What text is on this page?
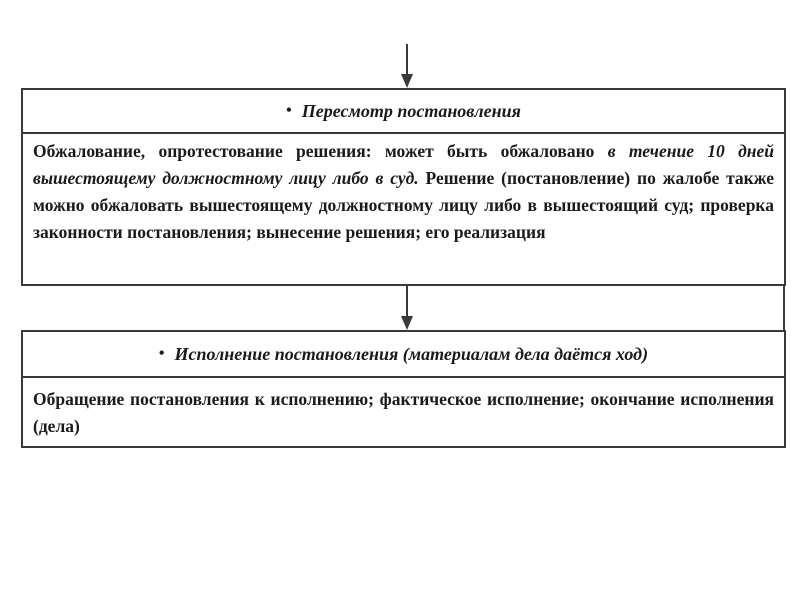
• Пересмотр постановления
Обжалование, опротестование решения: может быть обжаловано в течение 10 дней вышестоящему должностному лицу либо в суд. Решение (постановление) по жалобе также можно обжаловать вышестоящему должностному лицу либо в вышестоящий суд; проверка законности постановления; вынесение решения; его реализация
• Исполнение постановления (материалам дела даётся ход)
Обращение постановления к исполнению; фактическое исполнение; окончание исполнения (дела)
